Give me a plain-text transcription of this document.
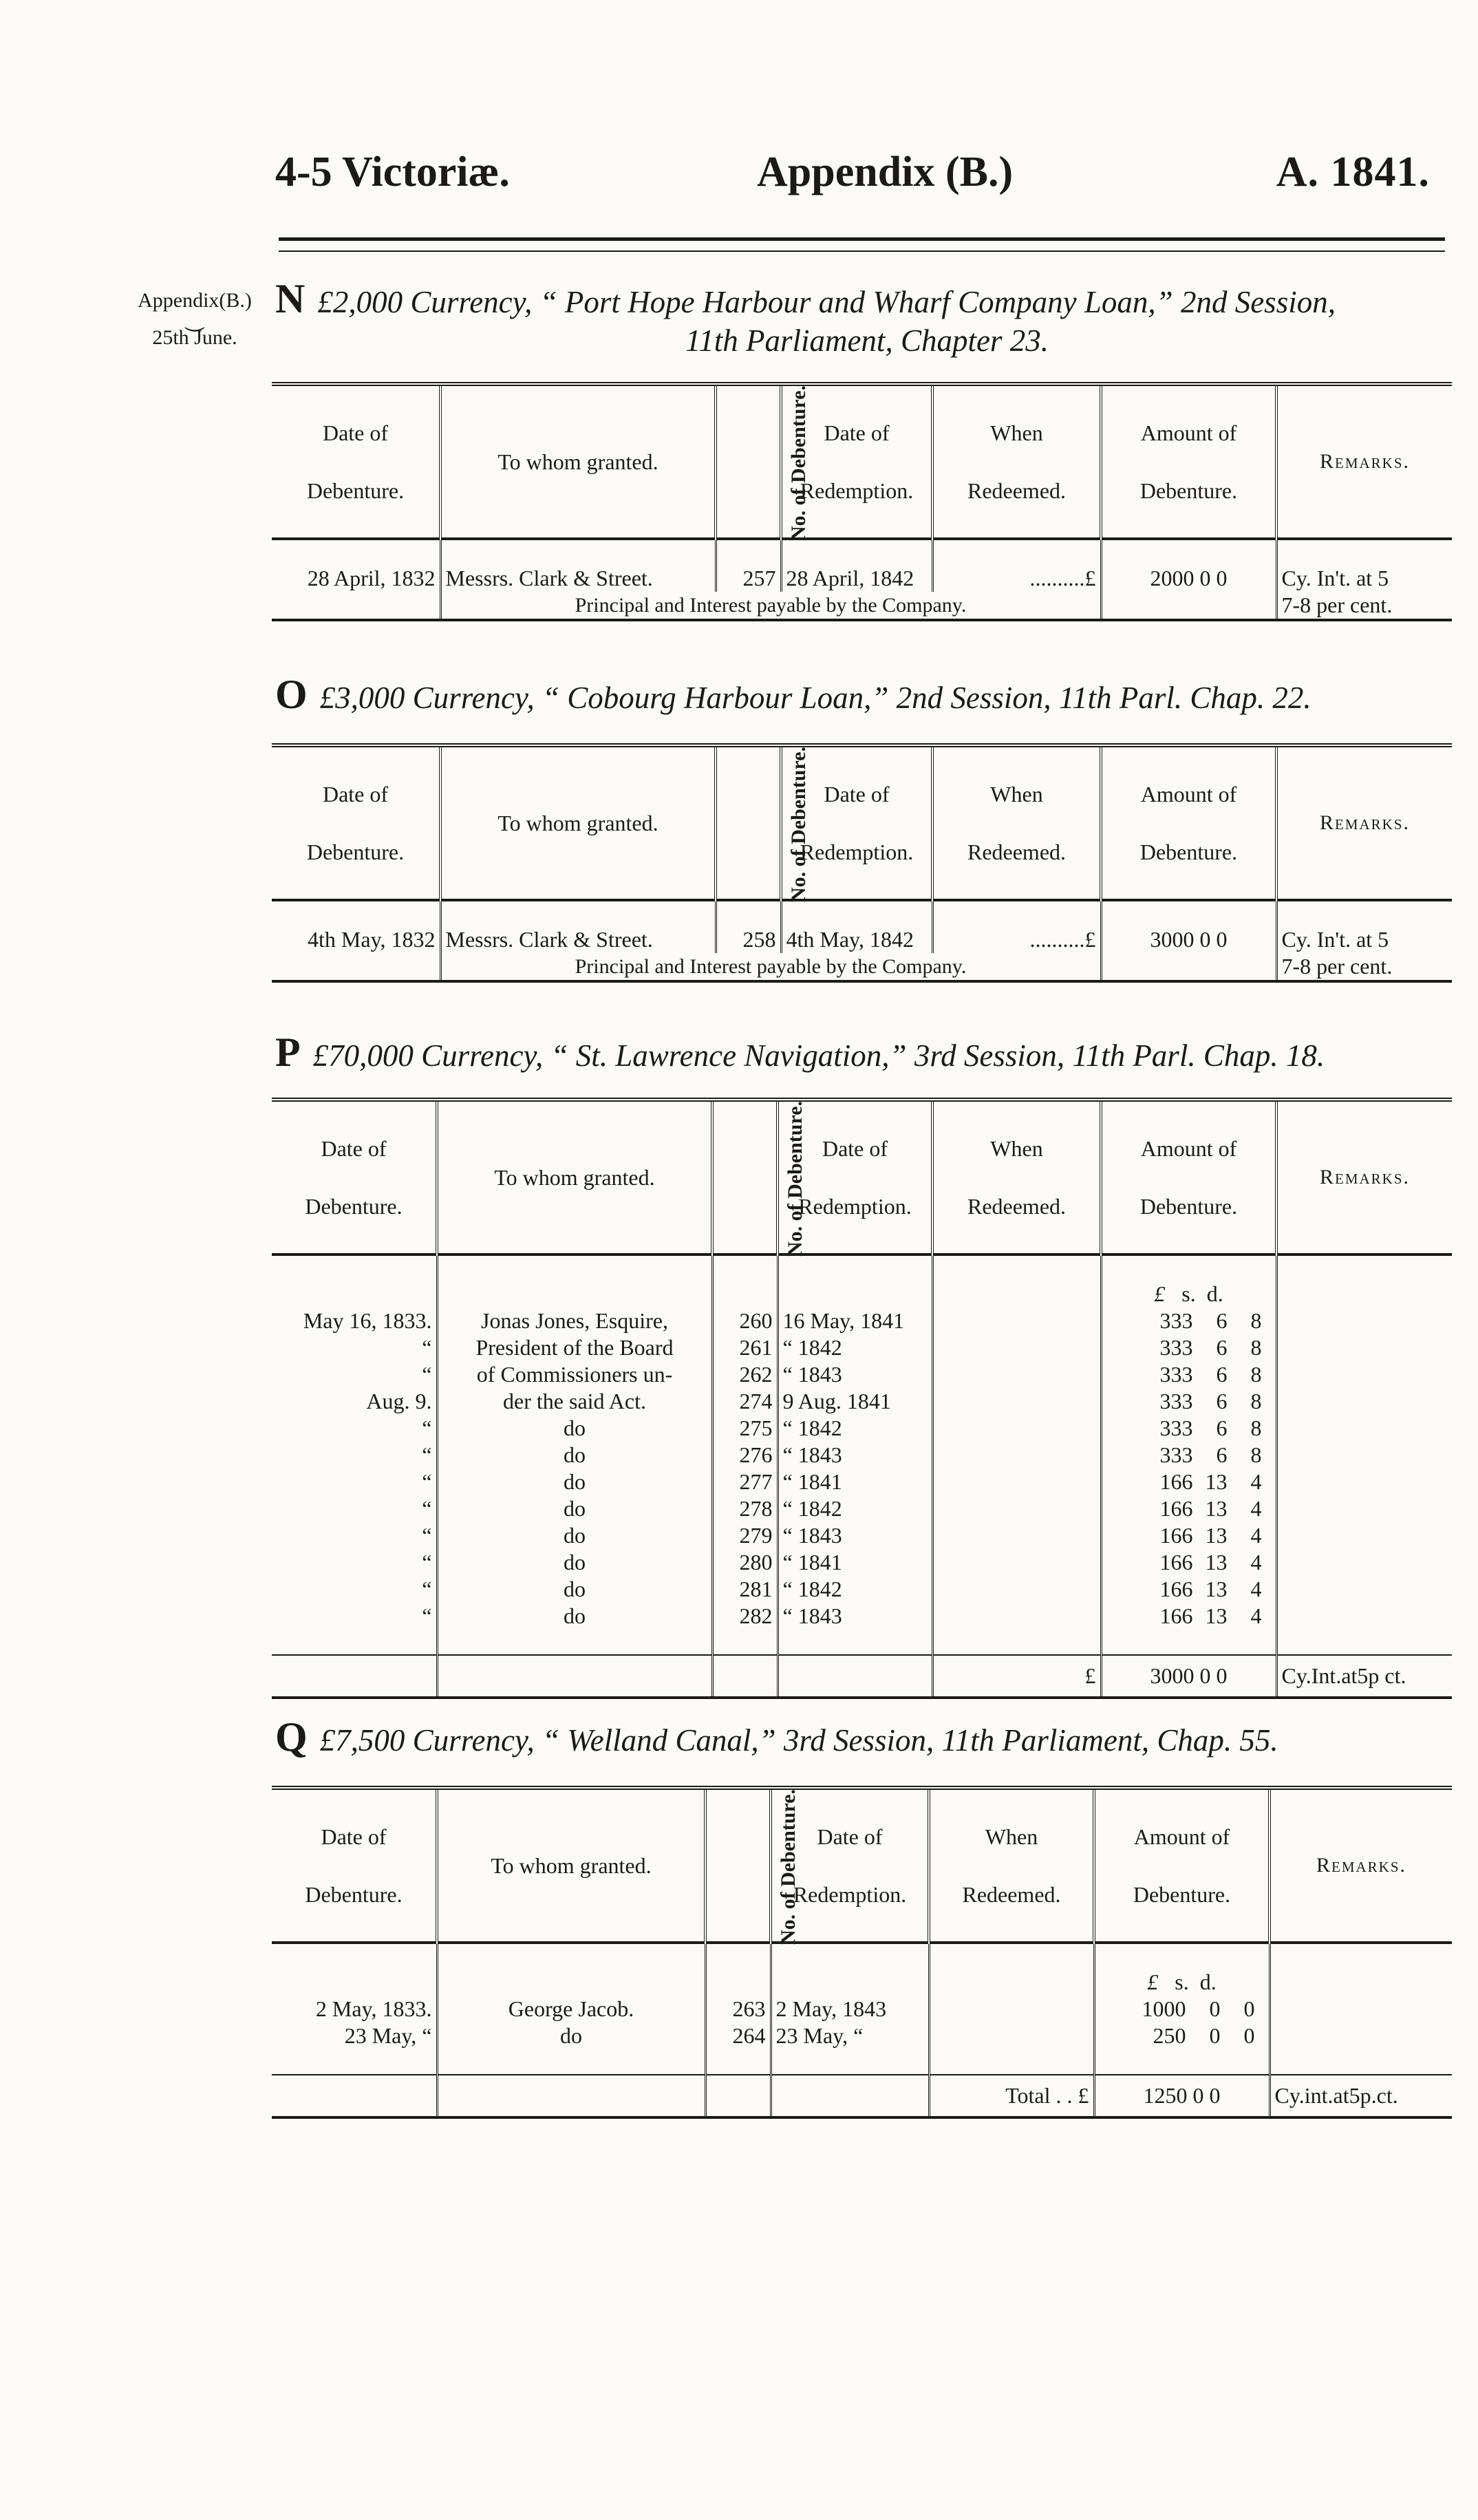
4-5 Victoriæ.	Appendix (B.)	A. 1841.
Appendix(B.)
⏝
25th June.
N £2,000 Currency, “ Port Hope Harbour and Wharf Company Loan,” 2nd Session,
11th Parliament, Chapter 23.
Date of
Debenture.	To whom granted.	No. of Debenture.	Date of
Redemption.	When
Redeemed.	Amount of
Debenture.	Remarks.

28 April, 1832	Messrs. Clark & Street.	257	28 April, 1842	..........£	2000 0 0	Cy. In't. at 5
	Principal and Interest payable by the Company.					7-8 per cent.
O £3,000 Currency, “ Cobourg Harbour Loan,” 2nd Session, 11th Parl. Chap. 22.
Date of
Debenture.	To whom granted.	No. of Debenture.	Date of
Redemption.	When
Redeemed.	Amount of
Debenture.	Remarks.

4th May, 1832	Messrs. Clark & Street.	258	4th May, 1842	..........£	3000 0 0	Cy. In't. at 5
	Principal and Interest payable by the Company.					7-8 per cent.
P £70,000 Currency, “ St. Lawrence Navigation,” 3rd Session, 11th Parl. Chap. 18.
Date of
Debenture.	To whom granted.	No. of Debenture.	Date of
Redemption.	When
Redeemed.	Amount of
Debenture.	Remarks.

					£ s. d.	
May 16, 1833.	Jonas Jones, Esquire,	260	16 May, 1841		333 6 8	
“	President of the Board	261	“ 1842		333 6 8	
“	of Commissioners un-	262	“ 1843		333 6 8	
Aug. 9.	der the said Act.	274	9 Aug. 1841		333 6 8	
“	do	275	“ 1842		333 6 8	
“	do	276	“ 1843		333 6 8	
“	do	277	“ 1841		166 13 4	
“	do	278	“ 1842		166 13 4	
“	do	279	“ 1843		166 13 4	
“	do	280	“ 1841		166 13 4	
“	do	281	“ 1842		166 13 4	
“	do	282	“ 1843		166 13 4	

				£	3000 0 0	Cy.Int.at5p ct.
Q £7,500 Currency, “ Welland Canal,” 3rd Session, 11th Parliament, Chap. 55.
Date of
Debenture.	To whom granted.	No. of Debenture.	Date of
Redemption.	When
Redeemed.	Amount of
Debenture.	Remarks.

					£ s. d.	
2 May, 1833.	George Jacob.	263	2 May, 1843		1000 0 0	
23 May, “	do	264	23 May, “		250 0 0	

				Total . . £	1250 0 0	Cy.int.at5p.ct.
